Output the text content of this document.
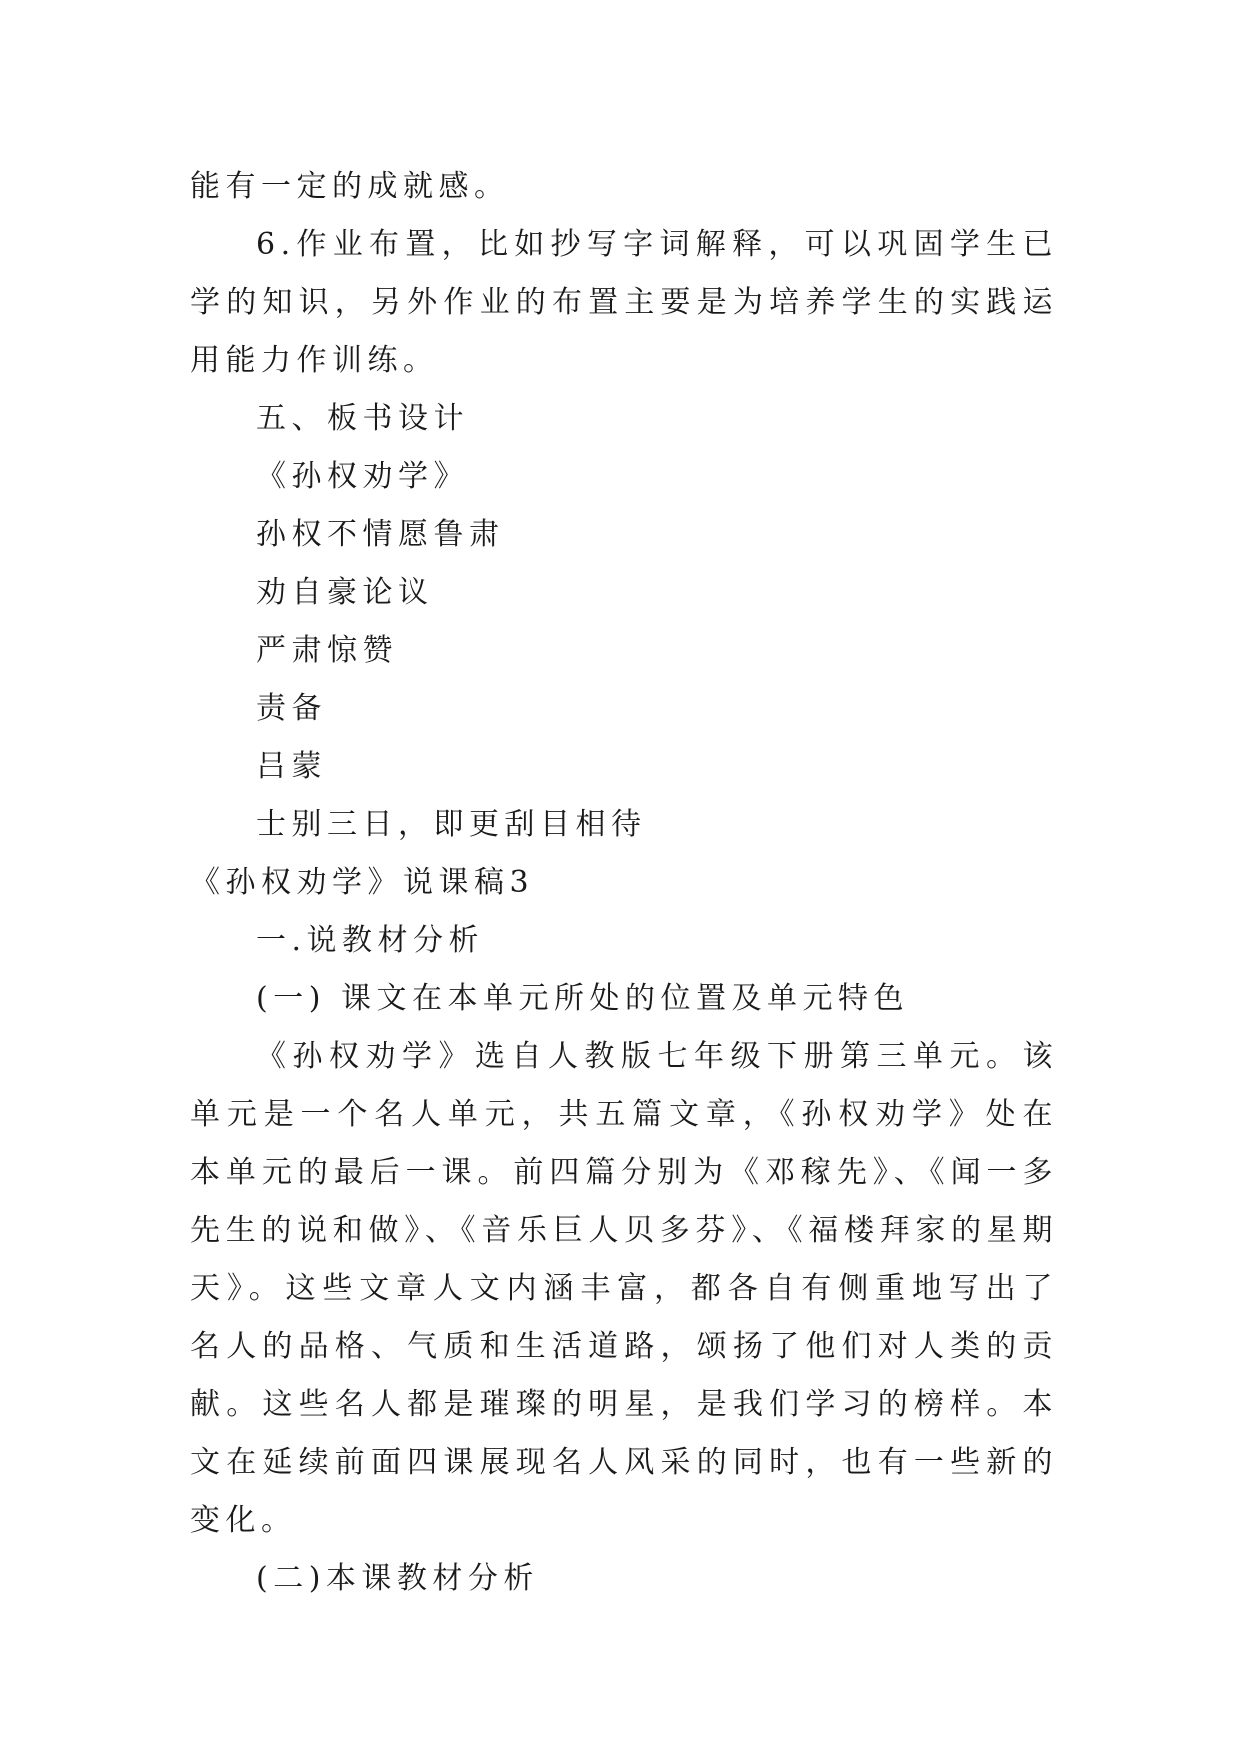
能有一定的成就感。

6.作业布置，比如抄写字词解释，可以巩固学生已学的知识，另外作业的布置主要是为培养学生的实践运用能力作训练。

五、板书设计
《孙权劝学》
孙权不情愿鲁肃
劝自豪论议
严肃惊赞
责备
吕蒙
士别三日，即更刮目相待
《孙权劝学》说课稿3
一.说教材分析
(一) 课文在本单元所处的位置及单元特色

《孙权劝学》选自人教版七年级下册第三单元。该单元是一个名人单元，共五篇文章，《孙权劝学》处在本单元的最后一课。前四篇分别为《邓稼先》、《闻一多先生的说和做》、《音乐巨人贝多芬》、《福楼拜家的星期天》。这些文章人文内涵丰富，都各自有侧重地写出了名人的品格、气质和生活道路，颂扬了他们对人类的贡献。这些名人都是璀璨的明星，是我们学习的榜样。本文在延续前面四课展现名人风采的同时，也有一些新的变化。

(二)本课教材分析
